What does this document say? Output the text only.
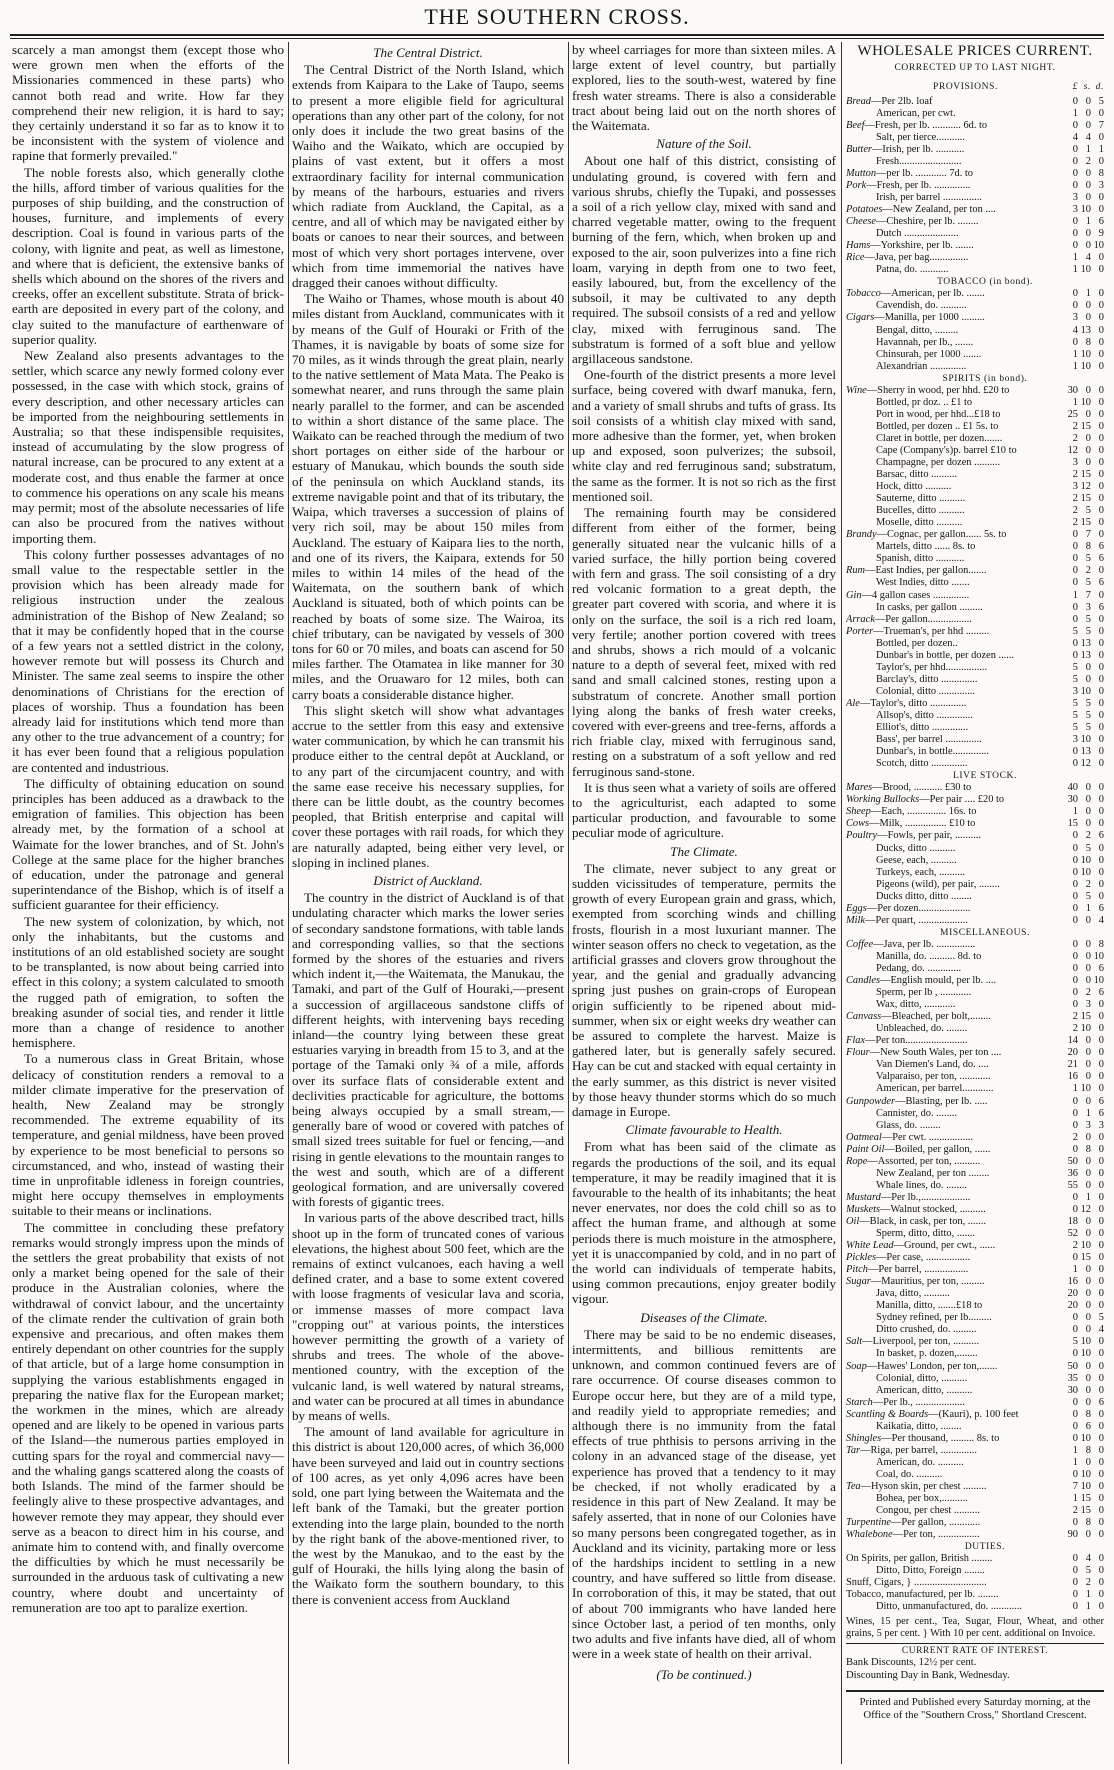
THE SOUTHERN CROSS.

scarcely a man amongst them (except those who were grown men when the efforts of the Missionaries commenced in these parts) who cannot both read and write. How far they comprehend their new religion, it is hard to say; they certainly understand it so far as to know it to be inconsistent with the system of violence and rapine that formerly prevailed."

The noble forests also, which generally clothe the hills, afford timber of various qualities for the purposes of ship building, and the construction of houses, furniture, and implements of every description. Coal is found in various parts of the colony, with lignite and peat, as well as limestone, and where that is deficient, the extensive banks of shells which abound on the shores of the rivers and creeks, offer an excellent substitute. Strata of brick-earth are deposited in every part of the colony, and clay suited to the manufacture of earthenware of superior quality.

New Zealand also presents advantages to the settler, which scarce any newly formed colony ever possessed, in the case with which stock, grains of every description, and other necessary articles can be imported from the neighbouring settlements in Australia; so that these indispensible requisites, instead of accumulating by the slow progress of natural increase, can be procured to any extent at a moderate cost, and thus enable the farmer at once to commence his operations on any scale his means may permit; most of the absolute necessaries of life can also be procured from the natives without importing them.

This colony further possesses advantages of no small value to the respectable settler in the provision which has been already made for religious instruction under the zealous administration of the Bishop of New Zealand; so that it may be confidently hoped that in the course of a few years not a settled district in the colony, however remote but will possess its Church and Minister. The same zeal seems to inspire the other denominations of Christians for the erection of places of worship. Thus a foundation has been already laid for institutions which tend more than any other to the true advancement of a country; for it has ever been found that a religious population are contented and industrious.

The difficulty of obtaining education on sound principles has been adduced as a drawback to the emigration of families. This objection has been already met, by the formation of a school at Waimate for the lower branches, and of St. John's College at the same place for the higher branches of education, under the patronage and general superintendance of the Bishop, which is of itself a sufficient guarantee for their efficiency.

The new system of colonization, by which, not only the inhabitants, but the customs and institutions of an old established society are sought to be transplanted, is now about being carried into effect in this colony; a system calculated to smooth the rugged path of emigration, to soften the breaking asunder of social ties, and render it little more than a change of residence to another hemisphere.

To a numerous class in Great Britain, whose delicacy of constitution renders a removal to a milder climate imperative for the preservation of health, New Zealand may be strongly recommended. The extreme equability of its temperature, and genial mildness, have been proved by experience to be most beneficial to persons so circumstanced, and who, instead of wasting their time in unprofitable idleness in foreign countries, might here occupy themselves in employments suitable to their means or inclinations.

The committee in concluding these prefatory remarks would strongly impress upon the minds of the settlers the great probability that exists of not only a market being opened for the sale of their produce in the Australian colonies, where the withdrawal of convict labour, and the uncertainty of the climate render the cultivation of grain both expensive and precarious, and often makes them entirely dependant on other countries for the supply of that article, but of a large home consumption in supplying the various establishments engaged in preparing the native flax for the European market; the workmen in the mines, which are already opened and are likely to be opened in various parts of the Island—the numerous parties employed in cutting spars for the royal and commercial navy—and the whaling gangs scattered along the coasts of both Islands. The mind of the farmer should be feelingly alive to these prospective advantages, and however remote they may appear, they should ever serve as a beacon to direct him in his course, and animate him to contend with, and finally overcome the difficulties by which he must necessarily be surrounded in the arduous task of cultivating a new country, where doubt and uncertainty of remuneration are too apt to paralize exertion.

The Central District.

The Central District of the North Island, which extends from Kaipara to the Lake of Taupo, seems to present a more eligible field for agricultural operations than any other part of the colony, for not only does it include the two great basins of the Waiho and the Waikato, which are occupied by plains of vast extent, but it offers a most extraordinary facility for internal communication by means of the harbours, estuaries and rivers which radiate from Auckland, the Capital, as a centre, and all of which may be navigated either by boats or canoes to near their sources, and between most of which very short portages intervene, over which from time immemorial the natives have dragged their canoes without difficulty.

The Waiho or Thames, whose mouth is about 40 miles distant from Auckland, communicates with it by means of the Gulf of Houraki or Frith of the Thames, it is navigable by boats of some size for 70 miles, as it winds through the great plain, nearly to the native settlement of Mata Mata. The Peako is somewhat nearer, and runs through the same plain nearly parallel to the former, and can be ascended to within a short distance of the same place. The Waikato can be reached through the medium of two short portages on either side of the harbour or estuary of Manukau, which bounds the south side of the peninsula on which Auckland stands, its extreme navigable point and that of its tributary, the Waipa, which traverses a succession of plains of very rich soil, may be about 150 miles from Auckland. The estuary of Kaipara lies to the north, and one of its rivers, the Kaipara, extends for 50 miles to within 14 miles of the head of the Waitemata, on the southern bank of which Auckland is situated, both of which points can be reached by boats of some size. The Wairoa, its chief tributary, can be navigated by vessels of 300 tons for 60 or 70 miles, and boats can ascend for 50 miles farther. The Otamatea in like manner for 30 miles, and the Oruawaro for 12 miles, both can carry boats a considerable distance higher.

This slight sketch will show what advantages accrue to the settler from this easy and extensive water communication, by which he can transmit his produce either to the central depôt at Auckland, or to any part of the circumjacent country, and with the same ease receive his necessary supplies, for there can be little doubt, as the country becomes peopled, that British enterprise and capital will cover these portages with rail roads, for which they are naturally adapted, being either very level, or sloping in inclined planes.

District of Auckland.

The country in the district of Auckland is of that undulating character which marks the lower series of secondary sandstone formations, with table lands and corresponding vallies, so that the sections formed by the shores of the estuaries and rivers which indent it,—the Waitemata, the Manukau, the Tamaki, and part of the Gulf of Houraki,—present a succession of argillaceous sandstone cliffs of different heights, with intervening bays receding inland—the country lying between these great estuaries varying in breadth from 15 to 3, and at the portage of the Tamaki only ¾ of a mile, affords over its surface flats of considerable extent and declivities practicable for agriculture, the bottoms being always occupied by a small stream,—generally bare of wood or covered with patches of small sized trees suitable for fuel or fencing,—and rising in gentle elevations to the mountain ranges to the west and south, which are of a different geological formation, and are universally covered with forests of gigantic trees.

In various parts of the above described tract, hills shoot up in the form of truncated cones of various elevations, the highest about 500 feet, which are the remains of extinct vulcanoes, each having a well defined crater, and a base to some extent covered with loose fragments of vesicular lava and scoria, or immense masses of more compact lava "cropping out" at various points, the interstices however permitting the growth of a variety of shrubs and trees. The whole of the above-mentioned country, with the exception of the vulcanic land, is well watered by natural streams, and water can be procured at all times in abundance by means of wells.

The amount of land available for agriculture in this district is about 120,000 acres, of which 36,000 have been surveyed and laid out in country sections of 100 acres, as yet only 4,096 acres have been sold, one part lying between the Waitemata and the left bank of the Tamaki, but the greater portion extending into the large plain, bounded to the north by the right bank of the above-mentioned river, to the west by the Manukao, and to the east by the gulf of Houraki, the hills lying along the basin of the Waikato form the southern boundary, to this there is convenient access from Auckland

by wheel carriages for more than sixteen miles. A large extent of level country, but partially explored, lies to the south-west, watered by fine fresh water streams. There is also a considerable tract about being laid out on the north shores of the Waitemata.

Nature of the Soil.

About one half of this district, consisting of undulating ground, is covered with fern and various shrubs, chiefly the Tupaki, and possesses a soil of a rich yellow clay, mixed with sand and charred vegetable matter, owing to the frequent burning of the fern, which, when broken up and exposed to the air, soon pulverizes into a fine rich loam, varying in depth from one to two feet, easily laboured, but, from the excellency of the subsoil, it may be cultivated to any depth required. The subsoil consists of a red and yellow clay, mixed with ferruginous sand. The substratum is formed of a soft blue and yellow argillaceous sandstone.

One-fourth of the district presents a more level surface, being covered with dwarf manuka, fern, and a variety of small shrubs and tufts of grass. Its soil consists of a whitish clay mixed with sand, more adhesive than the former, yet, when broken up and exposed, soon pulverizes; the subsoil, white clay and red ferruginous sand; substratum, the same as the former. It is not so rich as the first mentioned soil.

The remaining fourth may be considered different from either of the former, being generally situated near the vulcanic hills of a varied surface, the hilly portion being covered with fern and grass. The soil consisting of a dry red volcanic formation to a great depth, the greater part covered with scoria, and where it is only on the surface, the soil is a rich red loam, very fertile; another portion covered with trees and shrubs, shows a rich mould of a volcanic nature to a depth of several feet, mixed with red sand and small calcined stones, resting upon a substratum of concrete. Another small portion lying along the banks of fresh water creeks, covered with ever-greens and tree-ferns, affords a rich friable clay, mixed with ferruginous sand, resting on a substratum of a soft yellow and red ferruginous sand-stone.

It is thus seen what a variety of soils are offered to the agriculturist, each adapted to some particular production, and favourable to some peculiar mode of agriculture.

The Climate.

The climate, never subject to any great or sudden vicissitudes of temperature, permits the growth of every European grain and grass, which, exempted from scorching winds and chilling frosts, flourish in a most luxuriant manner. The winter season offers no check to vegetation, as the artificial grasses and clovers grow throughout the year, and the genial and gradually advancing spring just pushes on grain-crops of European origin sufficiently to be ripened about mid-summer, when six or eight weeks dry weather can be assured to complete the harvest. Maize is gathered later, but is generally safely secured. Hay can be cut and stacked with equal certainty in the early summer, as this district is never visited by those heavy thunder storms which do so much damage in Europe.

Climate favourable to Health.

From what has been said of the climate as regards the productions of the soil, and its equal temperature, it may be readily imagined that it is favourable to the health of its inhabitants; the heat never enervates, nor does the cold chill so as to affect the human frame, and although at some periods there is much moisture in the atmosphere, yet it is unaccompanied by cold, and in no part of the world can individuals of temperate habits, using common precautions, enjoy greater bodily vigour.

Diseases of the Climate.

There may be said to be no endemic diseases, intermittents, and billious remittents are unknown, and common continued fevers are of rare occurrence. Of course diseases common to Europe occur here, but they are of a mild type, and readily yield to appropriate remedies; and although there is no immunity from the fatal effects of true phthisis to persons arriving in the colony in an advanced stage of the disease, yet experience has proved that a tendency to it may be checked, if not wholly eradicated by a residence in this part of New Zealand. It may be safely asserted, that in none of our Colonies have so many persons been congregated together, as in Auckland and its vicinity, partaking more or less of the hardships incident to settling in a new country, and have suffered so little from disease. In corroboration of this, it may be stated, that out of about 700 immigrants who have landed here since October last, a period of ten months, only two adults and five infants have died, all of whom were in a week state of health on their arrival.

(To be continued.)
WHOLESALE PRICES CURRENT.
CORRECTED UP TO LAST NIGHT.
PROVISIONS.	£ s. d.
Bread—Per 2lb. loaf	0 0 5
American, per cwt.	1 0 0
Beef—Fresh, per lb. ........... 6d. to	0 0 7
Salt, per tierce...........	4 4 0
Butter—Irish, per lb. ...........	0 1 1
Fresh........................	0 2 0
Mutton—per lb. ............ 7d. to	0 0 8
Pork—Fresh, per lb. ..............	0 0 3
Irish, per barrel ...............	3 0 0
Potatoes—New Zealand, per ton ....	3 10 0
Cheese—Cheshire, per lb. ........	0 1 6
Dutch .....................	0 0 9
Hams—Yorkshire, per lb. .......	0 0 10
Rice—Java, per bag...............	1 4 0
Patna, do. ...........	1 10 0
TOBACCO (in bond).
Tobacco—American, per lb. .......	0 1 0
Cavendish, do. ..........	0 0 0
Cigars—Manilla, per 1000 .........	3 0 0
Bengal, ditto, .........	4 13 0
Havannah, per lb., .......	0 8 0
Chinsurah, per 1000 .......	1 10 0
Alexandrian ..............	1 10 0
SPIRITS (in bond).
Wine—Sherry in wood, per hhd. £20 to	30 0 0
Bottled, pr doz. .. £1 to	1 10 0
Port in wood, per hhd...£18 to	25 0 0
Bottled, per dozen .. £1 5s. to	2 15 0
Claret in bottle, per dozen.......	2 0 0
Cape (Company's)p. barrel £10 to	12 0 0
Champagne, per dozen ..........	3 0 0
Barsac, ditto ..........	2 15 0
Hock, ditto ..........	3 12 0
Sauterne, ditto ..........	2 15 0
Bucelles, ditto ..........	2 5 0
Moselle, ditto ..........	2 15 0
Brandy—Cognac, per gallon...... 5s. to	0 7 0
Martels, ditto ...... 8s. to	0 8 6
Spanish, ditto ...........	0 5 6
Rum—East Indies, per gallon.......	0 2 0
West Indies, ditto .......	0 5 6
Gin—4 gallon cases ..............	1 7 0
In casks, per gallon .........	0 3 6
Arrack—Per gallon.................	0 5 0
Porter—Trueman's, per hhd .........	5 5 0
Bottled, per dozen..	0 13 0
Dunbar's in bottle, per dozen ......	0 13 0
Taylor's, per hhd................	5 0 0
Barclay's, ditto ..............	5 0 0
Colonial, ditto ..............	3 10 0
Ale—Taylor's, ditto ..............	5 5 0
Allsop's, ditto ..............	5 5 0
Elliot's, ditto ..............	5 5 0
Bass', per barrel ..............	3 10 0
Dunbar's, in bottle..............	0 13 0
Scotch, ditto ..............	0 12 0
LIVE STOCK.
Mares—Brood, ........... £30 to	40 0 0
Working Bullocks—Per pair .... £20 to	30 0 0
Sheep—Each, ............... 16s. to	1 0 0
Cows—Milk, ................ £10 to	15 0 0
Poultry—Fowls, per pair, ..........	0 2 6
Ducks, ditto ..........	0 5 0
Geese, each, ..........	0 10 0
Turkeys, each, ..........	0 10 0
Pigeons (wild), per pair, ........	0 2 0
Ducks ditto, ditto ........	0 5 0
Eggs—Per dozen....................	0 1 6
Milk—Per quart, ...................	0 0 4
MISCELLANEOUS.
Coffee—Java, per lb. ...............	0 0 8
Manilla, do. .......... 8d. to	0 0 10
Pedang, do. .............	0 0 6
Candles—English mould, per lb. ....	0 0 10
Sperm, per lb , ............	0 2 6
Wax, ditto, ............	0 3 0
Canvass—Bleached, per bolt,........	2 15 0
Unbleached, do. ........	2 10 0
Flax—Per ton........................	14 0 0
Flour—New South Wales, per ton ....	20 0 0
Van Diemen's Land, do. ....	21 0 0
Valparaiso, per ton, ............	16 0 0
American, per barrel............	1 10 0
Gunpowder—Blasting, per lb. .....	0 0 6
Cannister, do. ........	0 1 6
Glass, do. ........	0 3 3
Oatmeal—Per cwt. .................	2 0 0
Paint Oil—Boiled, per gallon, ......	0 8 0
Rope—Assorted, per ton, ..........	50 0 0
New Zealand, per ton ........	36 0 0
Whale lines, do. ........	55 0 0
Mustard—Per lb.,...................	0 1 0
Muskets—Walnut stocked, ..........	0 12 0
Oil—Black, in cask, per ton, .......	18 0 0
Sperm, ditto, ditto, .......	52 0 0
White Lead—Ground, per cwt., ......	2 10 0
Pickles—Per case, .................	0 15 0
Pitch—Per barrel, .................	1 0 0
Sugar—Mauritius, per ton, .........	16 0 0
Java, ditto, ..........	20 0 0
Manilla, ditto, .......£18 to	20 0 0
Sydney refined, per lb.........	0 0 5
Ditto crushed, do. .........	0 0 4
Salt—Liverpool, per ton, ..........	5 10 0
In basket, p. dozen,........	0 10 0
Soap—Hawes' London, per ton,.......	50 0 0
Colonial, ditto, ..........	35 0 0
American, ditto, ..........	30 0 0
Starch—Per lb., ...................	0 0 6
Scantling & Boards—(Kauri), p. 100 feet	0 8 0
Kaikatia, ditto, ........	0 6 0
Shingles—Per thousand, ......... 8s. to	0 10 0
Tar—Riga, per barrel, ..............	1 8 0
American, do. ..........	1 0 0
Coal, do. ..........	0 10 0
Tea—Hyson skin, per chest .........	7 10 0
Bohea, per box,..........	1 15 0
Congou, per chest ..........	2 15 0
Turpentine—Per gallon, ............	0 8 0
Whalebone—Per ton, ................	90 0 0
DUTIES.
On Spirits, per gallon, British ........	0 4 0
Ditto, Ditto, Foreign ........	0 5 0
Snuff, Cigars, } ............................	0 2 0
Tobacco, manufactured, per lb. ........	0 1 0
Ditto, unmanufactured, do. ............	0 1 0
Wines, 15 per cent., Tea, Sugar, Flour, Wheat, and other grains, 5 per cent. } With 10 per cent. additional on Invoice.
CURRENT RATE OF INTEREST.
Bank Discounts, 12½ per cent.
Discounting Day in Bank, Wednesday.
Printed and Published every Saturday morning, at the Office of the "Southern Cross," Shortland Crescent.
